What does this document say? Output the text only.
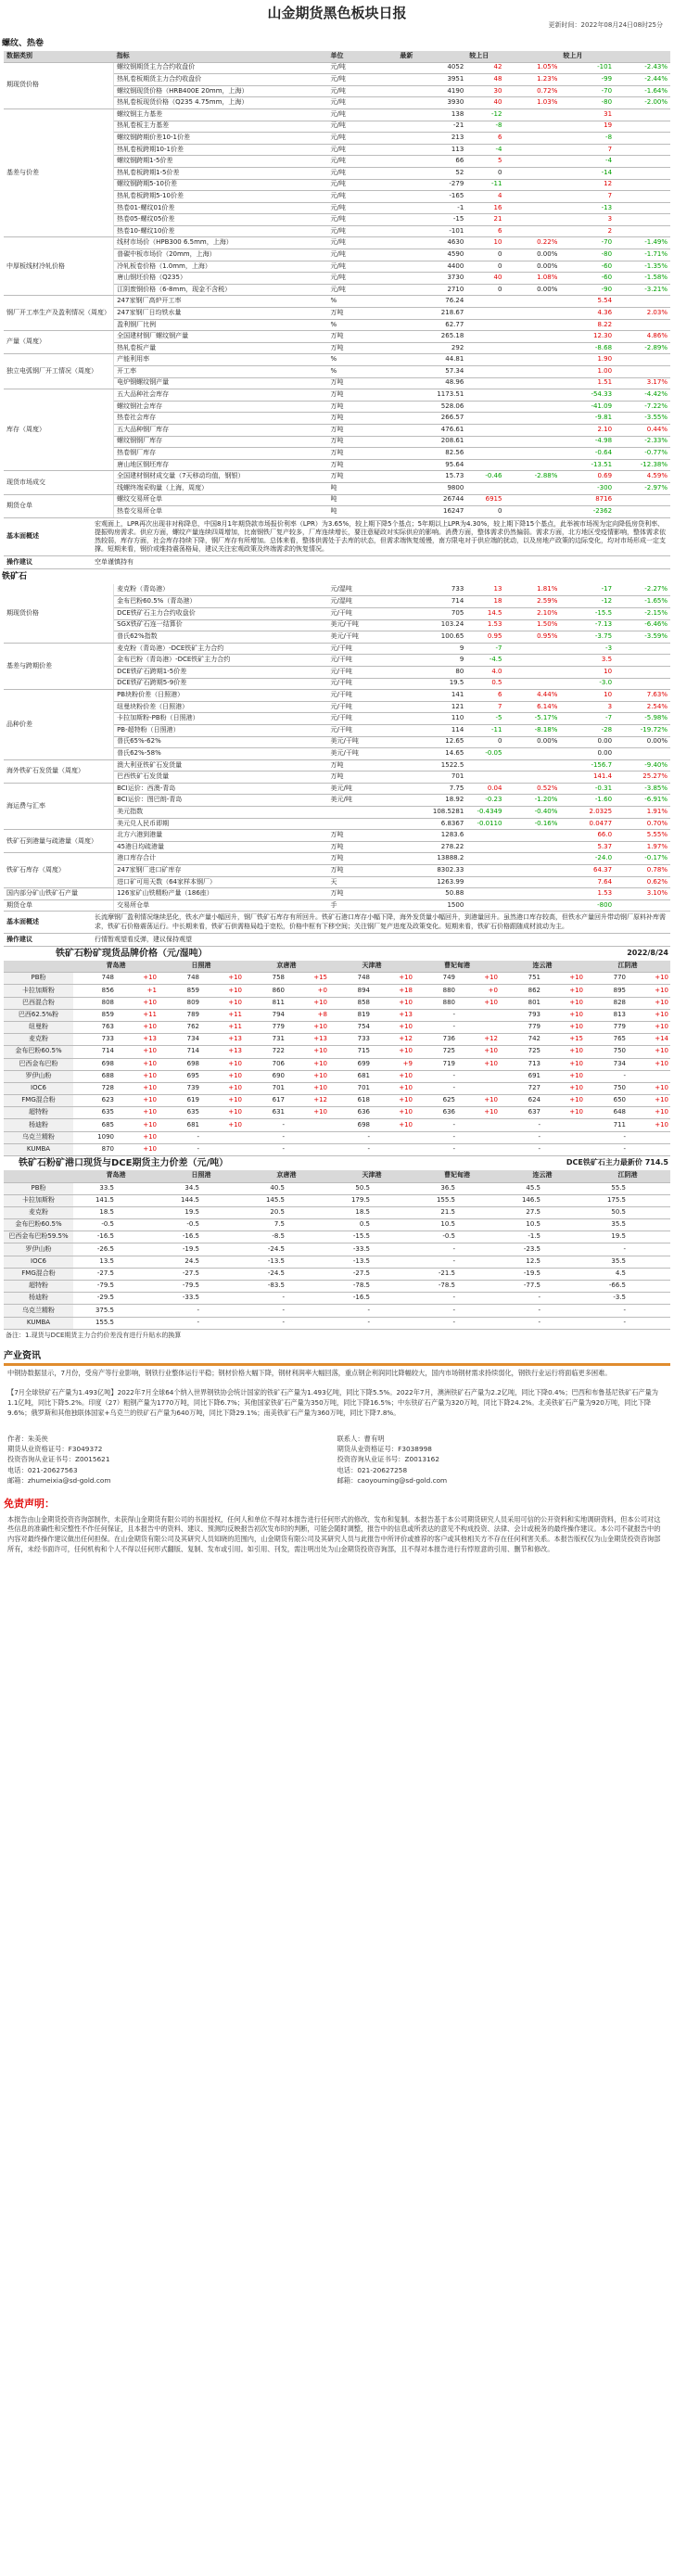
山金期货黑色板块日报
更新时间：2022年08月24日08时25分
螺纹、热卷
数据类别	指标	单位	最新	较上日		较上月	
期现货价格	螺纹钢期货主力合约收盘价	元/吨	4052	42	1.05%	-101	-2.43%
	热轧卷板期货主力合约收盘价	元/吨	3951	48	1.23%	-99	-2.44%
	螺纹钢现货价格（HRB400E 20mm，上海）	元/吨	4190	30	0.72%	-70	-1.64%
	热轧卷板现货价格（Q235 4.75mm，上海）	元/吨	3930	40	1.03%	-80	-2.00%
基差与价差	螺纹钢主力基差	元/吨	138	-12		31	
	热轧卷板主力基差	元/吨	-21	-8		19	
	螺纹钢跨期价差10-1价差	元/吨	213	6		-8	
	热轧卷板跨期10-1价差	元/吨	113	-4		7	
	螺纹钢跨期1-5价差	元/吨	66	5		-4	
	热轧卷板跨期1-5价差	元/吨	52	0		-14	
	螺纹钢跨期5-10价差	元/吨	-279	-11		12	
	热轧卷板跨期5-10价差	元/吨	-165	4		7	
	热卷01-螺纹01价差	元/吨	-1	16		-13	
	热卷05-螺纹05价差	元/吨	-15	21		3	
	热卷10-螺纹10价差	元/吨	-101	6		2	
中厚板线材冷轧价格	线材市场价（HPB300 6.5mm，上海）	元/吨	4630	10	0.22%	-70	-1.49%
	普碳中板市场价（20mm，上海）	元/吨	4590	0	0.00%	-80	-1.71%
	冷轧板卷价格（1.0mm，上海）	元/吨	4400	0	0.00%	-60	-1.35%
	唐山钢坯价格（Q235）	元/吨	3730	40	1.08%	-60	-1.58%
	江阴废钢价格（6-8mm，现金不含税）	元/吨	2710	0	0.00%	-90	-3.21%
钢厂开工率生产及盈利情况（周度）	247家钢厂高炉开工率	%	76.24			5.54	
	247家钢厂日均铁水量	万吨	218.67			4.36	2.03%
	盈利钢厂比例	%	62.77			8.22	
产量（周度）	全国建材钢厂螺纹钢产量	万吨	265.18			12.30	4.86%
	热轧卷板产量	万吨	292			-8.68	-2.89%
独立电弧钢厂开工情况（周度）	产能利用率	%	44.81			1.90	
	开工率	%	57.34			1.00	
	电炉钢螺纹钢产量	万吨	48.96			1.51	3.17%
库存（周度）	五大品种社会库存	万吨	1173.51			-54.33	-4.42%
	螺纹钢社会库存	万吨	528.06			-41.09	-7.22%
	热卷社会库存	万吨	266.57			-9.81	-3.55%
	五大品种钢厂库存	万吨	476.61			2.10	0.44%
	螺纹钢钢厂库存	万吨	208.61			-4.98	-2.33%
	热卷钢厂库存	万吨	82.56			-0.64	-0.77%
	唐山地区钢坯库存	万吨	95.64			-13.51	-12.38%
现货市场成交	全国建材钢材成交量（7天移动均值，钢银）	万吨	15.73	-0.46	-2.88%	0.69	4.59%
	线螺终端采购量（上海，周度）	吨	9800			-300	-2.97%
期货仓单	螺纹交易所仓单	吨	26744	6915		8716	
	热卷交易所仓单	吨	16247	0		-2362	
基本面概述	宏观面上，LPR再次出现非对称降息，中国8月1年期贷款市场报价利率（LPR）为3.65%，较上期下降5个基点；5年期以上LPR为4.30%，较上期下降15个基点，此举被市场视为定向降低房贷利率、提振购房需求。供应方面，螺纹产量连续四周增加，比南钢铁厂复产较多，厂库连续增长，要注意疑政对实际供应的影响。消费方面，整体需求仍然偏弱。需求方面，北方地区受疫情影响，整体需求依然较弱，库存方面，社会库存持续下降，钢厂库存有所增加。总体来看，整体供需处于去库的状态，但需求端恢复缓慢，南方限电对于供应端的扰动，以及房地产政策的边际变化，均对市场形成一定支撑。短期来看，钢价或维持震荡格局，建议关注宏观政策及终端需求的恢复情况。
操作建议	空单谨慎持有
铁矿石
期现货价格	麦克粉（青岛港）	元/湿吨	733	13	1.81%	-17	-2.27%
	金布巴粉60.5%（青岛港）	元/湿吨	714	18	2.59%	-12	-1.65%
	DCE铁矿石主力合约收盘价	元/干吨	705	14.5	2.10%	-15.5	-2.15%
	SGX铁矿石连一结算价	美元/干吨	103.24	1.53	1.50%	-7.13	-6.46%
	普氏62%指数	美元/干吨	100.65	0.95	0.95%	-3.75	-3.59%
基差与跨期价差	麦克粉（青岛港）-DCE铁矿主力合约	元/干吨	9	-7		-3	
	金布巴粉（青岛港）-DCE铁矿主力合约	元/干吨	9	-4.5		3.5	
	DCE铁矿石跨期1-5价差	元/干吨	80	4.0		10	
	DCE铁矿石跨期5-9价差	元/干吨	19.5	0.5		-3.0	
品种价差	PB块粉价差（日照港）	元/干吨	141	6	4.44%	10	7.63%
	纽曼块粉价差（日照港）	元/干吨	121	7	6.14%	3	2.54%
	卡拉加斯粉-PB粉（日照港）	元/干吨	110	-5	-5.17%	-7	-5.98%
	PB-超特粉（日照港）	元/干吨	114	-11	-8.18%	-28	-19.72%
	普氏65%-62%	美元/干吨	12.65	0	0.00%	0.00	0.00%
	普氏62%-58%	美元/干吨	14.65	-0.05		0.00	
海外铁矿石发货量（周度）	澳大利亚铁矿石发货量	万吨	1522.5			-156.7	-9.40%
	巴西铁矿石发货量	万吨	701			141.4	25.27%
海运费与汇率	BCI运价：西澳-青岛	美元/吨	7.75	0.04	0.52%	-0.31	-3.85%
	BCI运价：图巴朗-青岛	美元/吨	18.92	-0.23	-1.20%	-1.60	-6.91%
	美元指数		108.5281	-0.4349	-0.40%	2.0325	1.91%
	美元兑人民币即期		6.8367	-0.0110	-0.16%	0.0477	0.70%
铁矿石到港量与疏港量（周度）	北方六港到港量	万吨	1283.6			66.0	5.55%
	45港日均疏港量	万吨	278.22			5.37	1.97%
铁矿石库存（周度）	港口库存合计	万吨	13888.2			-24.0	-0.17%
	247家钢厂进口矿库存	万吨	8302.33			64.37	0.78%
	进口矿可用天数（64家样本钢厂）	天	1263.99			7.64	0.62%
国内部分矿山铁矿石产量	126家矿山铁精粉产量（186座）	万吨	50.88			1.53	3.10%
期货仓单	交易所仓单	手	1500			-800	
基本面概述	长流摩钢厂盈利情况继续恶化，铁水产量小幅回升，钢厂铁矿石库存有所回升。铁矿石港口库存小幅下降，海外发货量小幅回升，到港量回升。虽然港口库存较高，但铁水产量回升带动钢厂原料补库需求，铁矿石价格震荡运行。中长期来看，铁矿石供需格局趋于宽松，价格中枢有下移空间；关注钢厂复产进度及政策变化。短期来看，铁矿石价格跟随成材波动为主。
操作建议	行情暂观望看反弹，建议保持观望
铁矿石粉矿现货品牌价格（元/湿吨）	2022/8/24
	青岛港		日照港		京唐港		天津港		曹妃甸港		连云港		江阴港	
PB粉	748	+10	748	+10	758	+15	748	+10	749	+10	751	+10	770	+10
卡拉加斯粉	856	+1	859	+10	860	+0	894	+18	880	+0	862	+10	895	+10
巴西混合粉	808	+10	809	+10	811	+10	858	+10	880	+10	801	+10	828	+10
巴西62.5%粉	859	+11	789	+11	794	+8	819	+13	-		793	+10	813	+10
纽曼粉	763	+10	762	+11	779	+10	754	+10	-		779	+10	779	+10
麦克粉	733	+13	734	+13	731	+13	733	+12	736	+12	742	+15	765	+14
金布巴粉60.5%	714	+10	714	+13	722	+10	715	+10	725	+10	725	+10	750	+10
巴西金布巴粉	698	+10	698	+10	706	+10	699	+9	719	+10	713	+10	734	+10
罗伊山粉	688	+10	695	+10	690	+10	681	+10	-		691	+10	-	
IOC6	728	+10	739	+10	701	+10	701	+10	-		727	+10	750	+10
FMG混合粉	623	+10	619	+10	617	+12	618	+10	625	+10	624	+10	650	+10
超特粉	635	+10	635	+10	631	+10	636	+10	636	+10	637	+10	648	+10
杨迪粉	685	+10	681	+10	-		698	+10	-		-		711	+10
乌克兰精粉	1090	+10	-		-		-		-		-		-	
KUMBA	870	+10	-		-		-		-		-		-	
铁矿石粉矿港口现货与DCE期货主力价差（元/吨）	DCE铁矿石主力最新价 714.5
	青岛港		日照港		京唐港		天津港		曹妃甸港		连云港		江阴港	
PB粉	33.5		34.5		40.5		50.5		36.5		45.5		55.5	
卡拉加斯粉	141.5		144.5		145.5		179.5		155.5		146.5		175.5	
麦克粉	18.5		19.5		20.5		18.5		21.5		27.5		50.5	
金布巴粉60.5%	-0.5		-0.5		7.5		0.5		10.5		10.5		35.5	
巴西金布巴粉59.5%	-16.5		-16.5		-8.5		-15.5		-0.5		-1.5		19.5	
罗伊山粉	-26.5		-19.5		-24.5		-33.5		-		-23.5		-	
IOC6	13.5		24.5		-13.5		-13.5		-		12.5		35.5	
FMG混合粉	-27.5		-27.5		-24.5		-27.5		-21.5		-19.5		4.5	
超特粉	-79.5		-79.5		-83.5		-78.5		-78.5		-77.5		-66.5	
杨迪粉	-29.5		-33.5		-		-16.5		-		-		-3.5	
乌克兰精粉	375.5		-		-		-		-		-		-	
KUMBA	155.5		-		-		-		-		-		-	
备注：1.现货与DCE期货主力合约价差没有进行升贴水的换算
产业资讯
中钢协数据显示，7月份，受房产等行业影响，钢铁行业整体运行平稳；钢材价格大幅下降，钢材利润率大幅回落，重点钢企利润同比降幅较大，国内市场钢材需求持续弱化，钢铁行业运行将面临更多困难。
【7月全球铁矿石产量为1.493亿吨】2022年7月全球64个纳入世界钢铁协会统计国家的铁矿石产量为1.493亿吨，同比下降5.5%。2022年7月，澳洲铁矿石产量为2.2亿吨，同比下降0.4%；巴西和布鲁基尼铁矿石产量为1.1亿吨，同比下降5.2%。印度（27）粗钢产量为1770万吨，同比下降6.7%；其他国家铁矿石产量为350万吨，同比下降16.5%；中东铁矿石产量为320万吨，同比下降24.2%。北美铁矿石产量为920万吨，同比下降9.6%；俄罗斯和其他独联体国家+乌克兰的铁矿石产量为640万吨，同比下降29.1%；南美铁矿石产量为360万吨，同比下降7.8%。
作者：朱美侠
期货从业资格证号：F3049372
投资咨询从业证书号：Z0015621
电话：021-20627563
邮箱：zhumeixia@sd-gold.com
联系人：曹有明
期货从业资格证号：F3038998
投资咨询从业证书号：Z0013162
电话：021-20627258
邮箱：caoyouming@sd-gold.com
免责声明：
本报告由山金期货投资咨询部制作，未获得山金期货有限公司的书面授权，任何人和单位不得对本报告进行任何形式的修改、发布和复制。本报告基于本公司期货研究人员采用可信的公开资料和实地调研资料，但本公司对这些信息的准确性和完整性不作任何保证，且本报告中的资料、建议、预测均反映报告初次发布时的判断，可能会随时调整，报告中的信息或所表达的意见不构成投资、法律、会计或税务的最终操作建议。本公司不就报告中的内容对最终操作建议做出任何担保。在山金期货有限公司及其研究人员知晓的范围内，山金期货有限公司及其研究人员与此报告中所评价或推荐的客户或其他相关方不存在任何利害关系。本报告版权仅为山金期货投资咨询部所有，未经书面许可，任何机构和个人不得以任何形式翻版、复制、发布或引用。如引用、刊发，需注明出处为山金期货投资咨询部，且不得对本报告进行有悖原意的引用、删节和修改。
